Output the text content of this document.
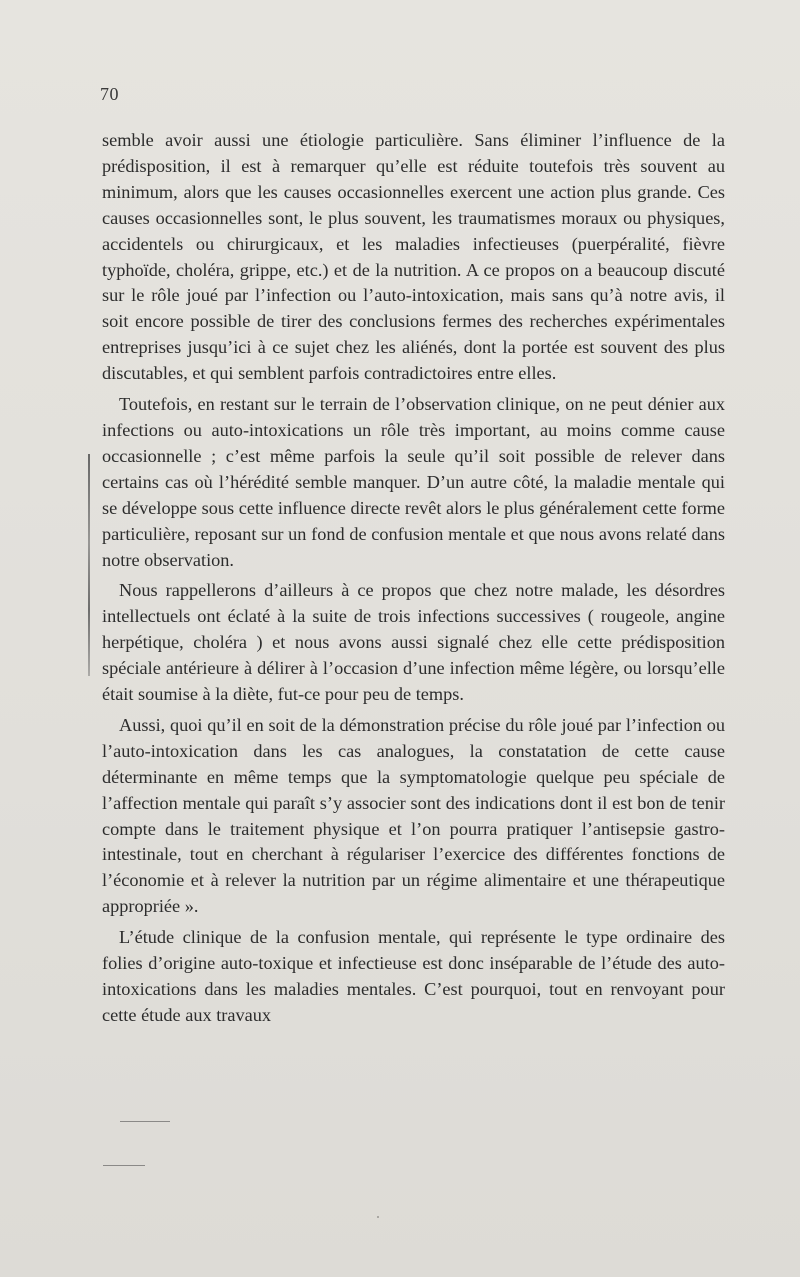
70

semble avoir aussi une étiologie particulière. Sans éliminer l’influence de la prédisposition, il est à remarquer qu’elle est réduite toutefois très souvent au minimum, alors que les causes occasionnelles exercent une action plus grande. Ces causes occasionnelles sont, le plus souvent, les traumatismes moraux ou physiques, accidentels ou chirurgicaux, et les maladies infectieuses (puerpéralité, fièvre typhoïde, choléra, grippe, etc.) et de la nutrition. A ce propos on a beaucoup discuté sur le rôle joué par l’infection ou l’auto-intoxication, mais sans qu’à notre avis, il soit encore possible de tirer des conclusions fermes des recherches expérimentales entreprises jusqu’ici à ce sujet chez les aliénés, dont la portée est souvent des plus discutables, et qui semblent parfois contradictoires entre elles.

Toutefois, en restant sur le terrain de l’observation clinique, on ne peut dénier aux infections ou auto-intoxications un rôle très important, au moins comme cause occasionnelle ; c’est même parfois la seule qu’il soit possible de relever dans certains cas où l’hérédité semble manquer. D’un autre côté, la maladie mentale qui se développe sous cette influence directe revêt alors le plus généralement cette forme particulière, reposant sur un fond de confusion mentale et que nous avons relaté dans notre observation.

Nous rappellerons d’ailleurs à ce propos que chez notre malade, les désordres intellectuels ont éclaté à la suite de trois infections successives ( rougeole, angine herpétique, choléra ) et nous avons aussi signalé chez elle cette prédisposition spéciale antérieure à délirer à l’occasion d’une infection même légère, ou lorsqu’elle était soumise à la diète, fut-ce pour peu de temps.

Aussi, quoi qu’il en soit de la démonstration précise du rôle joué par l’infection ou l’auto-intoxication dans les cas analogues, la constatation de cette cause déterminante en même temps que la symptomatologie quelque peu spéciale de l’affection mentale qui paraît s’y associer sont des indications dont il est bon de tenir compte dans le traitement physique et l’on pourra pratiquer l’antisepsie gastro-intestinale, tout en cherchant à régulariser l’exercice des différentes fonctions de l’économie et à relever la nutrition par un régime alimentaire et une thérapeutique appropriée ».

L’étude clinique de la confusion mentale, qui représente le type ordinaire des folies d’origine auto-toxique et infectieuse est donc inséparable de l’étude des auto-intoxications dans les maladies mentales. C’est pourquoi, tout en renvoyant pour cette étude aux travaux
